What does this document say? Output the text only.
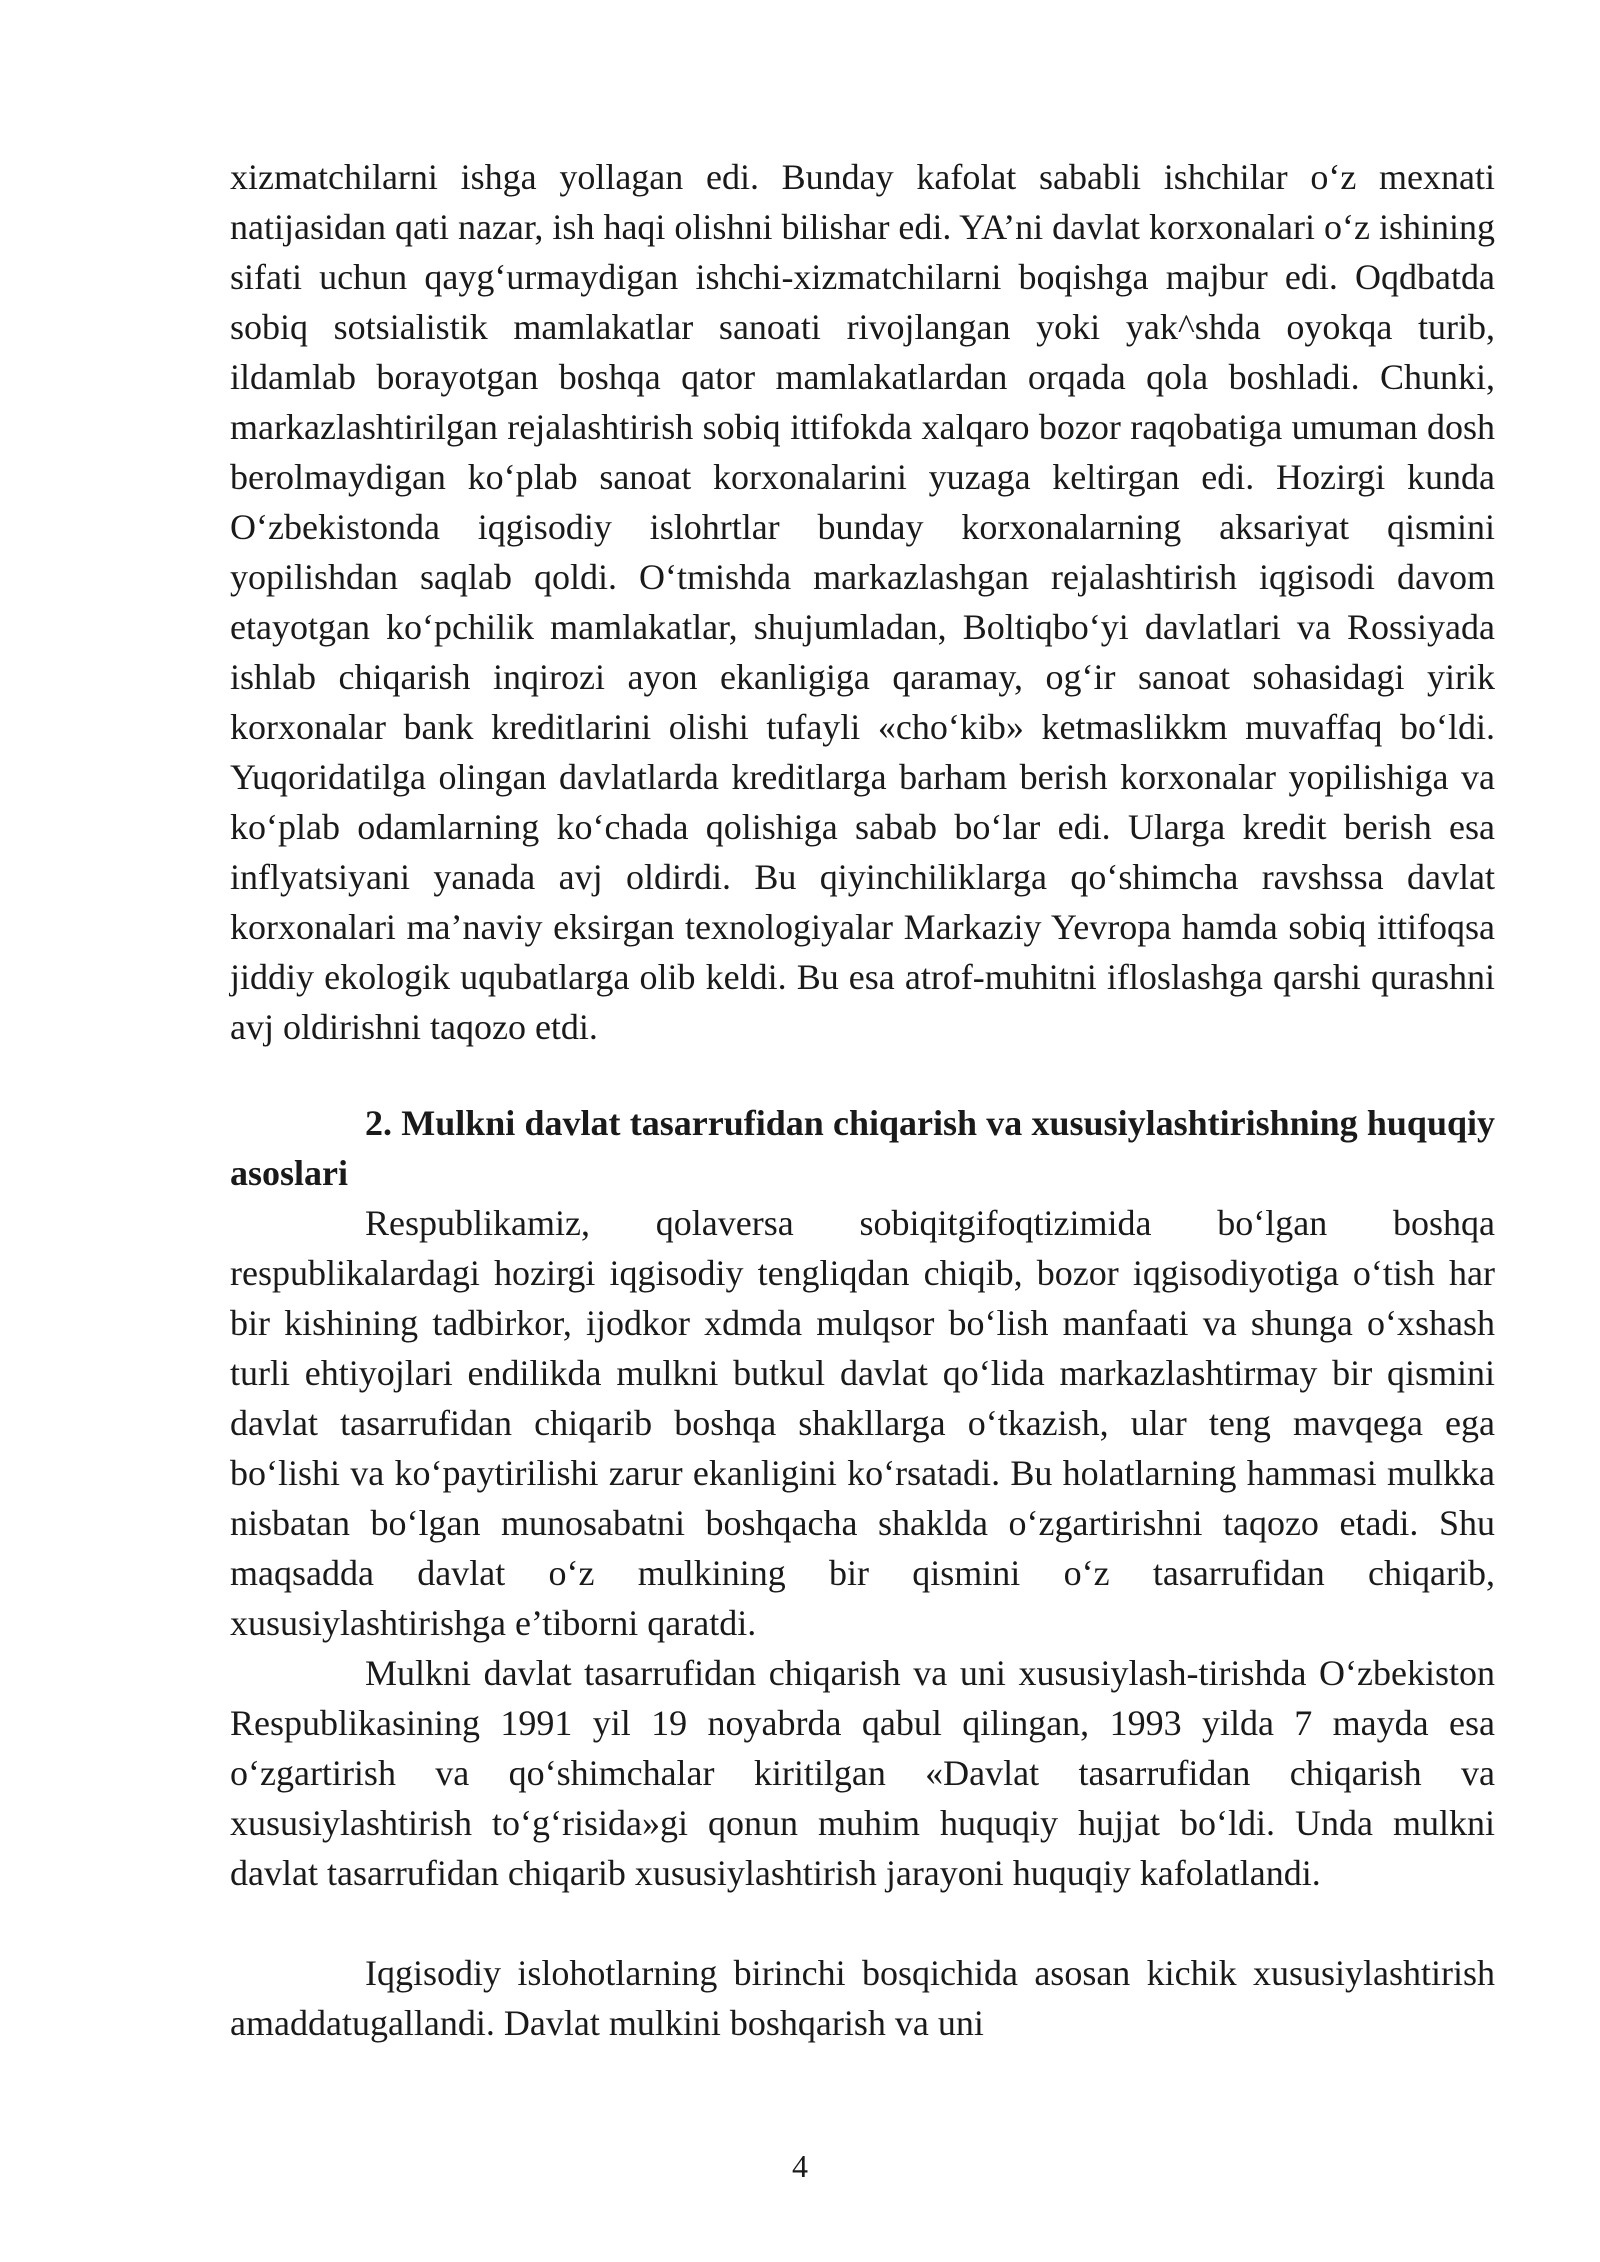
xizmatchilarni ishga yollagan edi. Bunday kafolat sababli ishchilar o‘z mexnati natijasidan qati nazar, ish haqi olishni bilishar edi. YA’ni davlat korxonalari o‘z ishining sifati uchun qayg‘urmaydigan ishchi-xizmatchilarni boqishga majbur edi. Oqdbatda sobiq sotsialistik mamlakatlar sanoati rivojlangan yoki yak^shda oyokqa turib, ildamlab borayotgan boshqa qator mamlakatlardan orqada qola boshladi. Chunki, markazlashtirilgan rejalashtirish sobiq ittifokda xalqaro bozor raqobatiga umuman dosh berolmaydigan ko‘plab sanoat korxonalarini yuzaga keltirgan edi. Hozirgi kunda O‘zbekistonda iqgisodiy islohrtlar bunday korxonalarning aksariyat qismini yopilishdan saqlab qoldi. O‘tmishda markazlashgan rejalashtirish iqgisodi davom etayotgan ko‘pchilik mamlakatlar, shujumladan, Boltiqbo‘yi davlatlari va Rossiyada ishlab chiqarish inqirozi ayon ekanligiga qaramay, og‘ir sanoat sohasidagi yirik korxonalar bank kreditlarini olishi tufayli «cho‘kib» ketmaslikkm muvaffaq bo‘ldi. Yuqoridatilga olingan davlatlarda kreditlarga barham berish korxonalar yopilishiga va ko‘plab odamlarning ko‘chada qolishiga sabab bo‘lar edi. Ularga kredit berish esa inflyatsiyani yanada avj oldirdi. Bu qiyinchiliklarga qo‘shimcha ravshssa davlat korxonalari ma’naviy eksirgan texnologiyalar Markaziy Yevropa hamda sobiq ittifoqsa jiddiy ekologik uqubatlarga olib keldi. Bu esa atrof-muhitni ifloslashga qarshi qurashni avj oldirishni taqozo etdi.

2. Mulkni davlat tasarrufidan chiqarish va xususiylashtirishning huquqiy asoslari

Respublikamiz, qolaversa sobiqitgifoqtizimida bo‘lgan boshqa respublikalardagi hozirgi iqgisodiy tengliqdan chiqib, bozor iqgisodiyotiga o‘tish har bir kishining tadbirkor, ijodkor xdmda mulqsor bo‘lish manfaati va shunga o‘xshash turli ehtiyojlari endilikda mulkni butkul davlat qo‘lida markazlashtirmay bir qismini davlat tasarrufidan chiqarib boshqa shakllarga o‘tkazish, ular teng mavqega ega bo‘lishi va ko‘paytirilishi zarur ekanligini ko‘rsatadi. Bu holatlarning hammasi mulkka nisbatan bo‘lgan munosabatni boshqacha shaklda o‘zgartirishni taqozo etadi. Shu maqsadda davlat o‘z mulkining bir qismini o‘z tasarrufidan chiqarib, xususiylashtirishga e’tiborni qaratdi.

Mulkni davlat tasarrufidan chiqarish va uni xususiylash-tirishda O‘zbekiston Respublikasining 1991 yil 19 noyabrda qabul qilingan, 1993 yilda 7 mayda esa o‘zgartirish va qo‘shimchalar kiritilgan «Davlat tasarrufidan chiqarish va xususiylashtirish to‘g‘risida»gi qonun muhim huquqiy hujjat bo‘ldi. Unda mulkni davlat tasarrufidan chiqarib xususiylashtirish jarayoni huquqiy kafolatlandi.

Iqgisodiy islohotlarning birinchi bosqichida asosan kichik xususiylashtirish amaddatugallandi. Davlat mulkini boshqarish va uni

4
